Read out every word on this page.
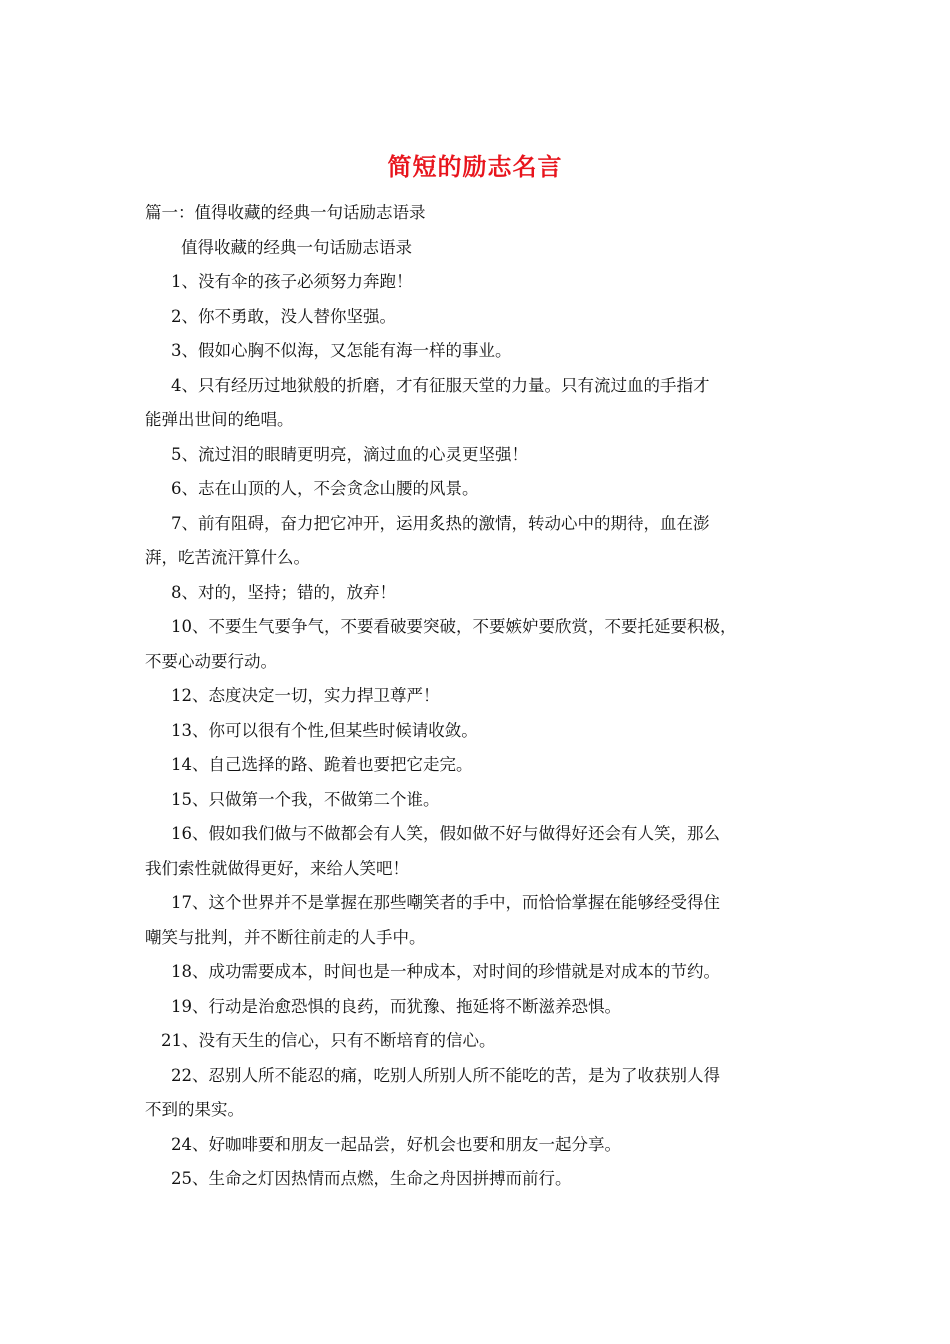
简短的励志名言
篇一：值得收藏的经典一句话励志语录
值得收藏的经典一句话励志语录
1、没有伞的孩子必须努力奔跑！
2、你不勇敢，没人替你坚强。
3、假如心胸不似海，又怎能有海一样的事业。
4、只有经历过地狱般的折磨，才有征服天堂的力量。只有流过血的手指才
能弹出世间的绝唱。
5、流过泪的眼睛更明亮，滴过血的心灵更坚强！
6、志在山顶的人，不会贪念山腰的风景。
7、前有阻碍，奋力把它冲开，运用炙热的激情，转动心中的期待，血在澎
湃，吃苦流汗算什么。
8、对的，坚持；错的，放弃！
10、不要生气要争气，不要看破要突破，不要嫉妒要欣赏，不要托延要积极，
不要心动要行动。
12、态度决定一切，实力捍卫尊严！
13、你可以很有个性,但某些时候请收敛。
14、自己选择的路、跪着也要把它走完。
15、只做第一个我，不做第二个谁。
16、假如我们做与不做都会有人笑，假如做不好与做得好还会有人笑，那么
我们索性就做得更好，来给人笑吧！
17、这个世界并不是掌握在那些嘲笑者的手中，而恰恰掌握在能够经受得住
嘲笑与批判，并不断往前走的人手中。
18、成功需要成本，时间也是一种成本，对时间的珍惜就是对成本的节约。
19、行动是治愈恐惧的良药，而犹豫、拖延将不断滋养恐惧。
21、没有天生的信心，只有不断培育的信心。
22、忍别人所不能忍的痛，吃别人所别人所不能吃的苦，是为了收获别人得
不到的果实。
24、好咖啡要和朋友一起品尝，好机会也要和朋友一起分享。
25、生命之灯因热情而点燃，生命之舟因拼搏而前行。
